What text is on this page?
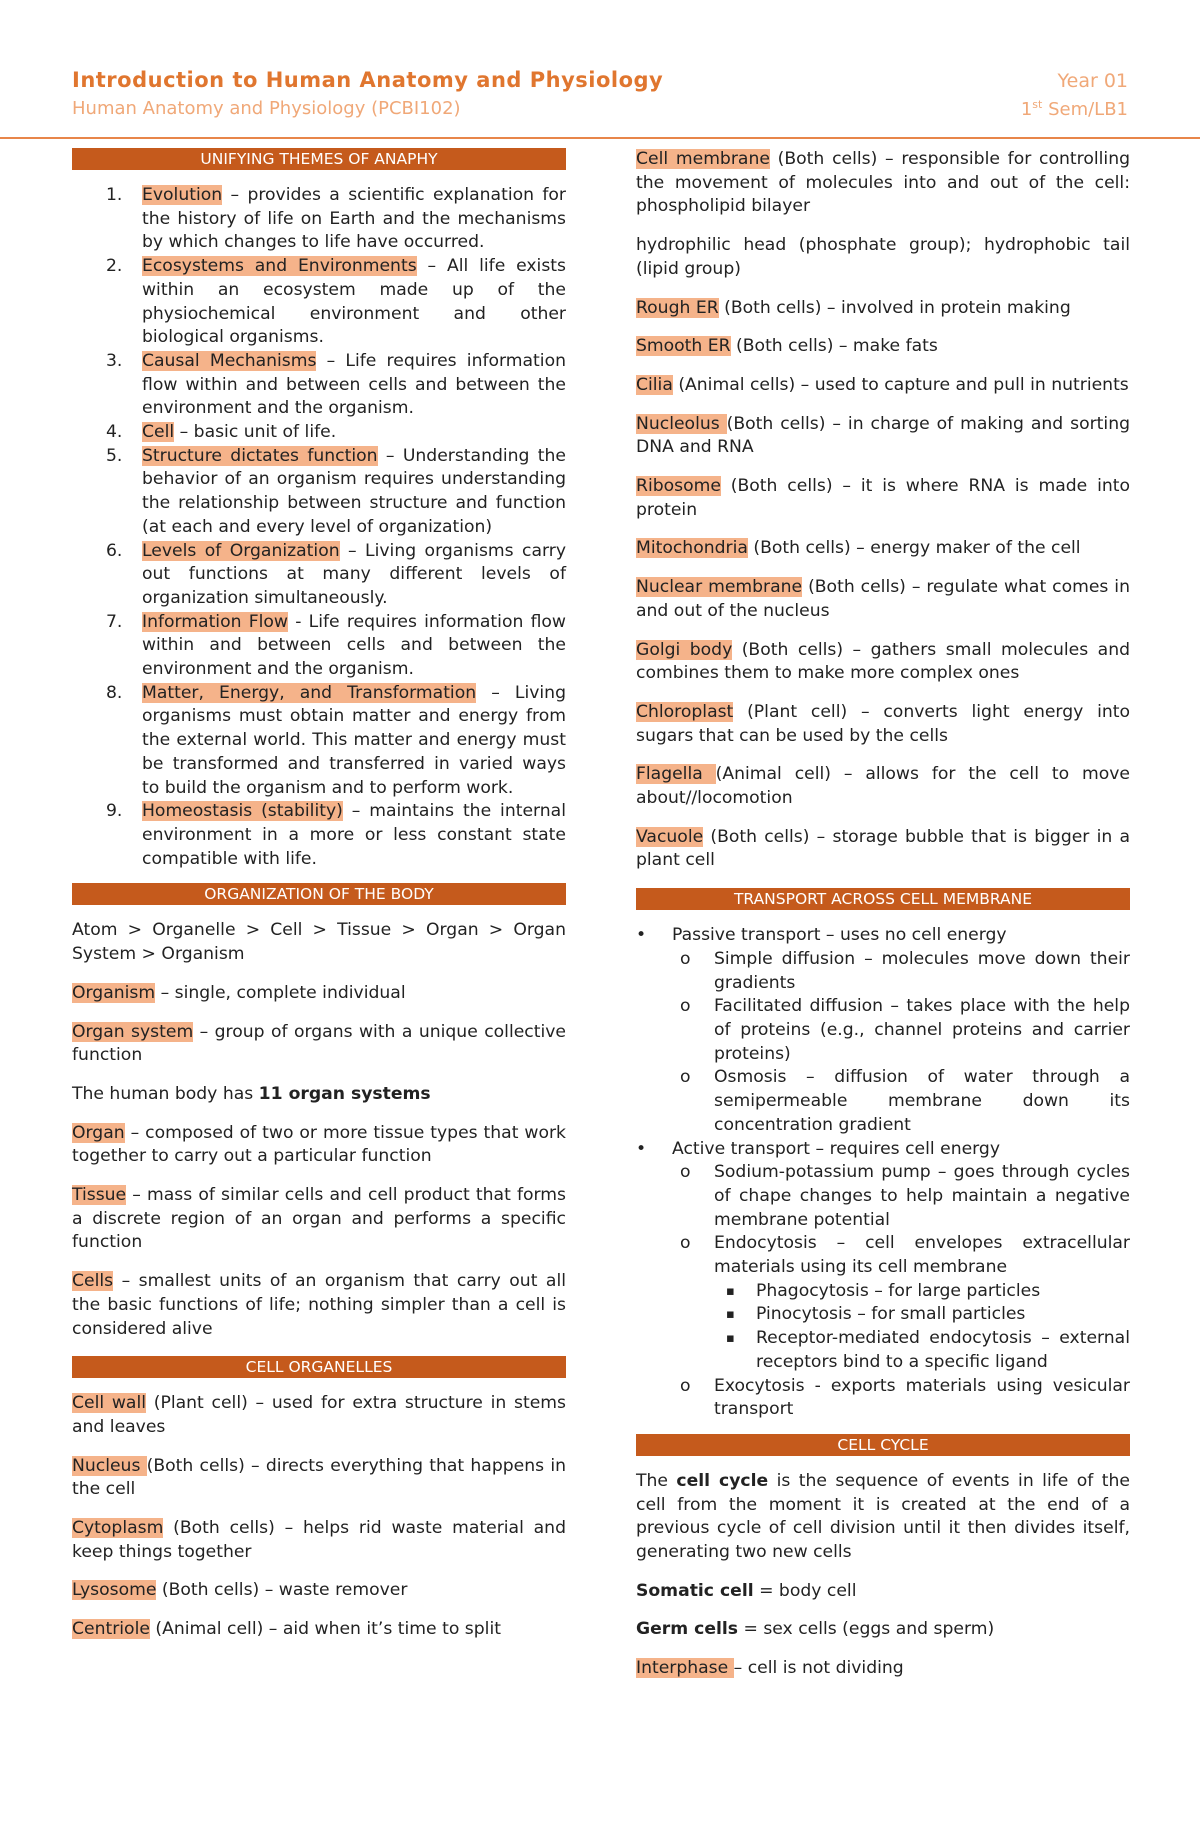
Introduction to Human Anatomy and Physiology
Human Anatomy and Physiology (PCBI102)
Year 01
1st Sem/LB1
UNIFYING THEMES OF ANAPHY
1. Evolution – provides a scientific explanation for the history of life on Earth and the mechanisms by which changes to life have occurred.
2. Ecosystems and Environments – All life exists within an ecosystem made up of the physiochemical environment and other biological organisms.
3. Causal Mechanisms – Life requires information flow within and between cells and between the environment and the organism.
4. Cell – basic unit of life.
5. Structure dictates function – Understanding the behavior of an organism requires understanding the relationship between structure and function (at each and every level of organization)
6. Levels of Organization – Living organisms carry out functions at many different levels of organization simultaneously.
7. Information Flow - Life requires information flow within and between cells and between the environment and the organism.
8. Matter, Energy, and Transformation – Living organisms must obtain matter and energy from the external world. This matter and energy must be transformed and transferred in varied ways to build the organism and to perform work.
9. Homeostasis (stability) – maintains the internal environment in a more or less constant state compatible with life.
ORGANIZATION OF THE BODY

Atom > Organelle > Cell > Tissue > Organ > Organ System > Organism

Organism – single, complete individual

Organ system – group of organs with a unique collective function

The human body has 11 organ systems

Organ – composed of two or more tissue types that work together to carry out a particular function

Tissue – mass of similar cells and cell product that forms a discrete region of an organ and performs a specific function

Cells – smallest units of an organism that carry out all the basic functions of life; nothing simpler than a cell is considered alive

CELL ORGANELLES

Cell wall (Plant cell) – used for extra structure in stems and leaves

Nucleus (Both cells) – directs everything that happens in the cell

Cytoplasm (Both cells) – helps rid waste material and keep things together

Lysosome (Both cells) – waste remover

Centriole (Animal cell) – aid when it’s time to split

Cell membrane (Both cells) – responsible for controlling the movement of molecules into and out of the cell: phospholipid bilayer

hydrophilic head (phosphate group); hydrophobic tail (lipid group)

Rough ER (Both cells) – involved in protein making

Smooth ER (Both cells) – make fats

Cilia (Animal cells) – used to capture and pull in nutrients

Nucleolus (Both cells) – in charge of making and sorting DNA and RNA

Ribosome (Both cells) – it is where RNA is made into protein

Mitochondria (Both cells) – energy maker of the cell

Nuclear membrane (Both cells) – regulate what comes in and out of the nucleus

Golgi body (Both cells) – gathers small molecules and combines them to make more complex ones

Chloroplast (Plant cell) – converts light energy into sugars that can be used by the cells

Flagella (Animal cell) – allows for the cell to move about//locomotion

Vacuole (Both cells) – storage bubble that is bigger in a plant cell

TRANSPORT ACROSS CELL MEMBRANE
• Passive transport – uses no cell energy
o Simple diffusion – molecules move down their gradients
o Facilitated diffusion – takes place with the help of proteins (e.g., channel proteins and carrier proteins)
o Osmosis – diffusion of water through a semipermeable membrane down its concentration gradient
• Active transport – requires cell energy
o Sodium-potassium pump – goes through cycles of chape changes to help maintain a negative membrane potential
o Endocytosis – cell envelopes extracellular materials using its cell membrane
▪ Phagocytosis – for large particles
▪ Pinocytosis – for small particles
▪ Receptor-mediated endocytosis – external receptors bind to a specific ligand
o Exocytosis - exports materials using vesicular transport
CELL CYCLE

The cell cycle is the sequence of events in life of the cell from the moment it is created at the end of a previous cycle of cell division until it then divides itself, generating two new cells

Somatic cell = body cell

Germ cells = sex cells (eggs and sperm)

Interphase – cell is not dividing
